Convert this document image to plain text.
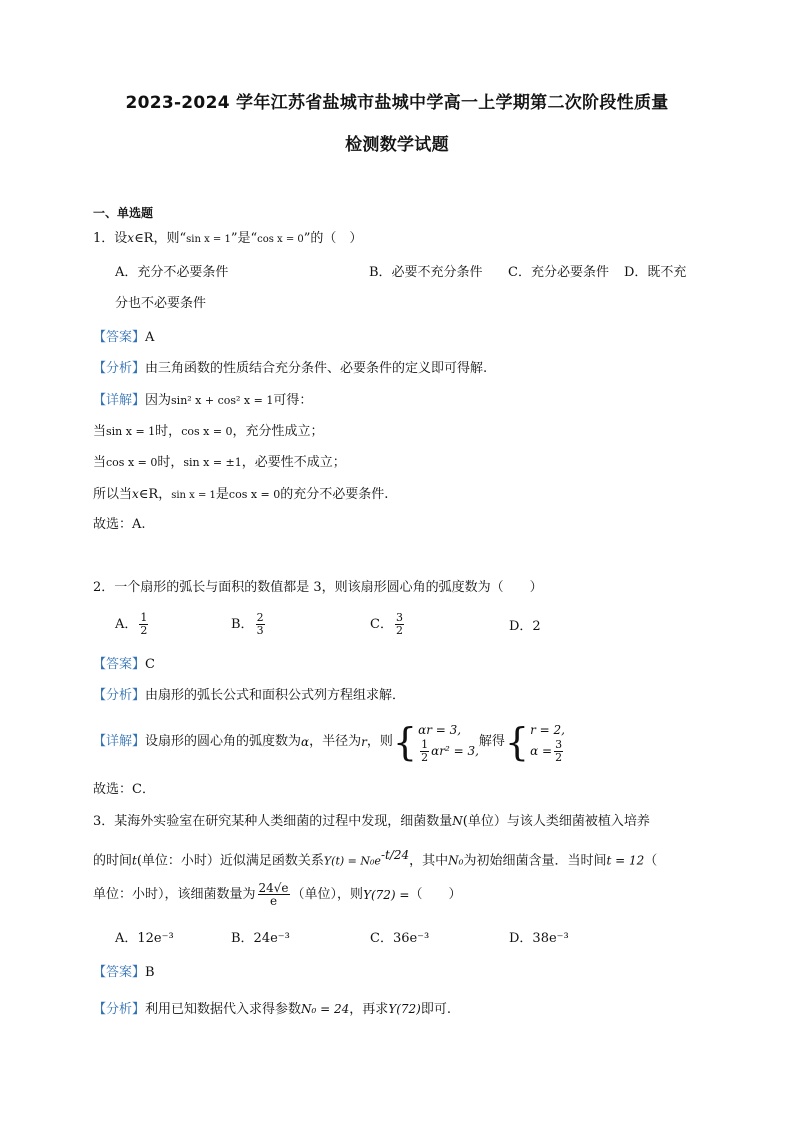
2023-2024 学年江苏省盐城市盐城中学高一上学期第二次阶段性质量
检测数学试题
一、单选题
1．设x∈R，则“sin x = 1”是“cos x = 0”的（　）
A．充分不必要条件	B．必要不充分条件 C．充分必要条件 D．既不充
分也不必要条件
【答案】A
【分析】由三角函数的性质结合充分条件、必要条件的定义即可得解.
【详解】因为sin² x + cos² x = 1可得：
当sin x = 1时，cos x = 0，充分性成立；
当cos x = 0时，sin x = ±1，必要性不成立；
所以当x∈R，sin x = 1是cos x = 0的充分不必要条件.
故选：A.
2．一个扇形的弧长与面积的数值都是 3，则该扇形圆心角的弧度数为（　　）
A． $\frac{1}{2}$	B． $\frac{2}{3}$	C． $\frac{3}{2}$	D．2
【答案】C
【分析】由扇形的弧长公式和面积公式列方程组求解．
【详解】 设扇形的圆心角的弧度数为 α ，半径为 r ，则 { αr = 3,
$\frac{1}{2} \alpha r^2 = 3$,
解得 { r = 2,
$\alpha = \frac{3}{2}$
故选：C．
3．某海外实验室在研究某种人类细菌的过程中发现，细菌数量N(单位）与该人类细菌被植入培养
的时间t(单位：小时）近似满足函数关系$Y(t) = N_0e^{-t/24}$，其中N₀为初始细菌含量．当时间t = 12（
单位：小时），该细菌数量为 $\frac{24√e}{e}$ （单位），则 Y(72) = （　　）
A．12e⁻³	B．24e⁻³	C．36e⁻³	D．38e⁻³
【答案】B
【分析】利用已知数据代入求得参数N₀ = 24，再求Y(72)即可.
